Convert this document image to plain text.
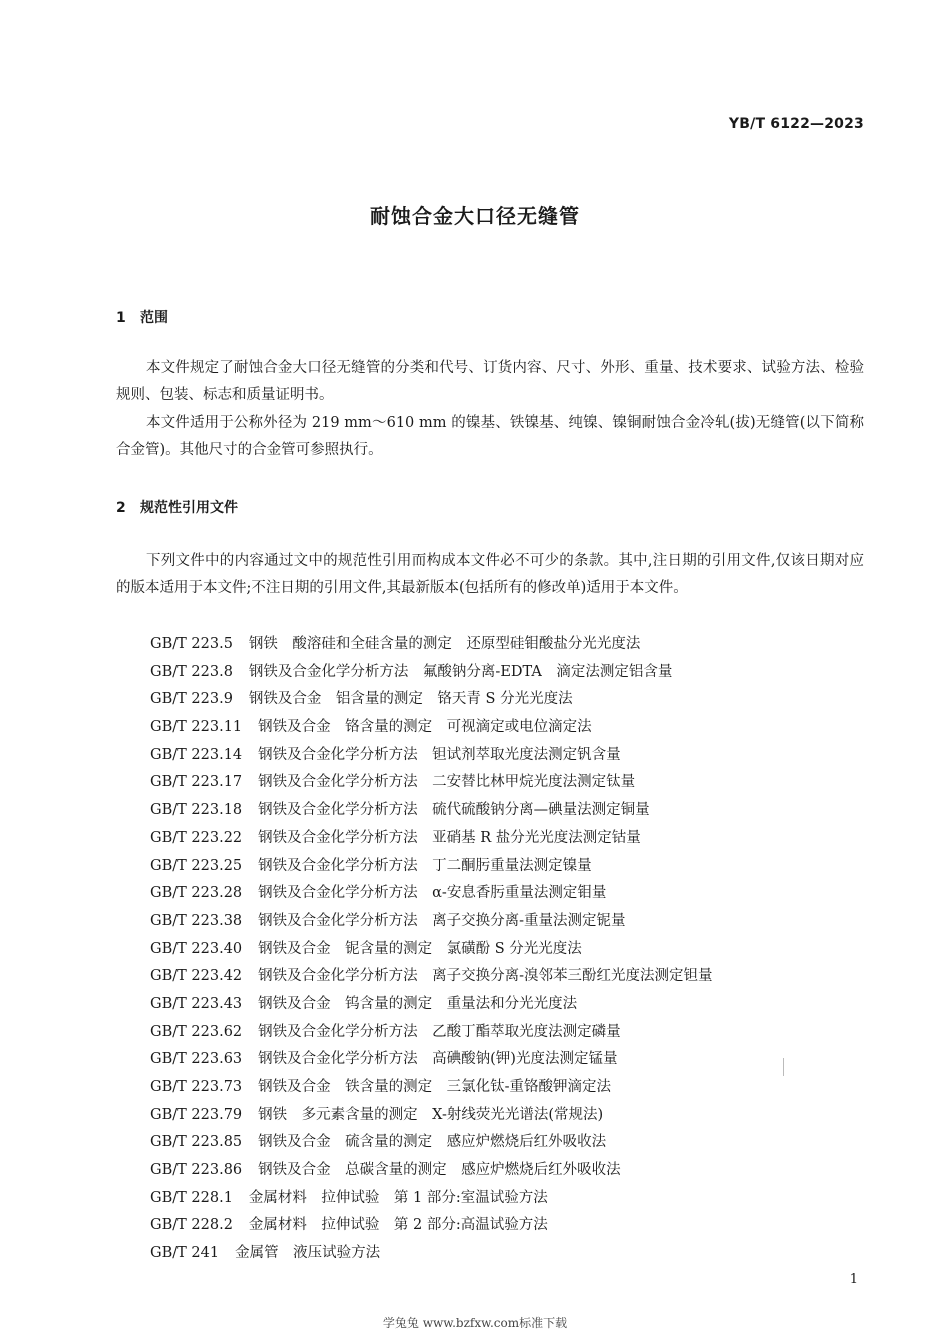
YB/T 6122—2023
耐蚀合金大口径无缝管
1 范围

本文件规定了耐蚀合金大口径无缝管的分类和代号、订货内容、尺寸、外形、重量、技术要求、试验方法、检验规则、包装、标志和质量证明书。

本文件适用于公称外径为 219 mm～610 mm 的镍基、铁镍基、纯镍、镍铜耐蚀合金冷轧(拔)无缝管(以下简称合金管)。其他尺寸的合金管可参照执行。

2 规范性引用文件

下列文件中的内容通过文中的规范性引用而构成本文件必不可少的条款。其中,注日期的引用文件,仅该日期对应的版本适用于本文件;不注日期的引用文件,其最新版本(包括所有的修改单)适用于本文件。

GB/T 223.5 钢铁　酸溶硅和全硅含量的测定　还原型硅钼酸盐分光光度法
GB/T 223.8 钢铁及合金化学分析方法　氟酸钠分离-EDTA　滴定法测定铝含量
GB/T 223.9 钢铁及合金　铝含量的测定　铬天青 S 分光光度法
GB/T 223.11 钢铁及合金　铬含量的测定　可视滴定或电位滴定法
GB/T 223.14 钢铁及合金化学分析方法　钽试剂萃取光度法测定钒含量
GB/T 223.17 钢铁及合金化学分析方法　二安替比林甲烷光度法测定钛量
GB/T 223.18 钢铁及合金化学分析方法　硫代硫酸钠分离—碘量法测定铜量
GB/T 223.22 钢铁及合金化学分析方法　亚硝基 R 盐分光光度法测定钴量
GB/T 223.25 钢铁及合金化学分析方法　丁二酮肟重量法测定镍量
GB/T 223.28 钢铁及合金化学分析方法　α-安息香肟重量法测定钼量
GB/T 223.38 钢铁及合金化学分析方法　离子交换分离-重量法测定铌量
GB/T 223.40 钢铁及合金　铌含量的测定　氯磺酚 S 分光光度法
GB/T 223.42 钢铁及合金化学分析方法　离子交换分离-溴邻苯三酚红光度法测定钽量
GB/T 223.43 钢铁及合金　钨含量的测定　重量法和分光光度法
GB/T 223.62 钢铁及合金化学分析方法　乙酸丁酯萃取光度法测定磷量
GB/T 223.63 钢铁及合金化学分析方法　高碘酸钠(钾)光度法测定锰量
GB/T 223.73 钢铁及合金　铁含量的测定　三氯化钛-重铬酸钾滴定法
GB/T 223.79 钢铁　多元素含量的测定　X-射线荧光光谱法(常规法)
GB/T 223.85 钢铁及合金　硫含量的测定　感应炉燃烧后红外吸收法
GB/T 223.86 钢铁及合金　总碳含量的测定　感应炉燃烧后红外吸收法
GB/T 228.1 金属材料　拉伸试验　第 1 部分:室温试验方法
GB/T 228.2 金属材料　拉伸试验　第 2 部分:高温试验方法
GB/T 241 金属管　液压试验方法
1
学兔兔 www.bzfxw.com标准下载
